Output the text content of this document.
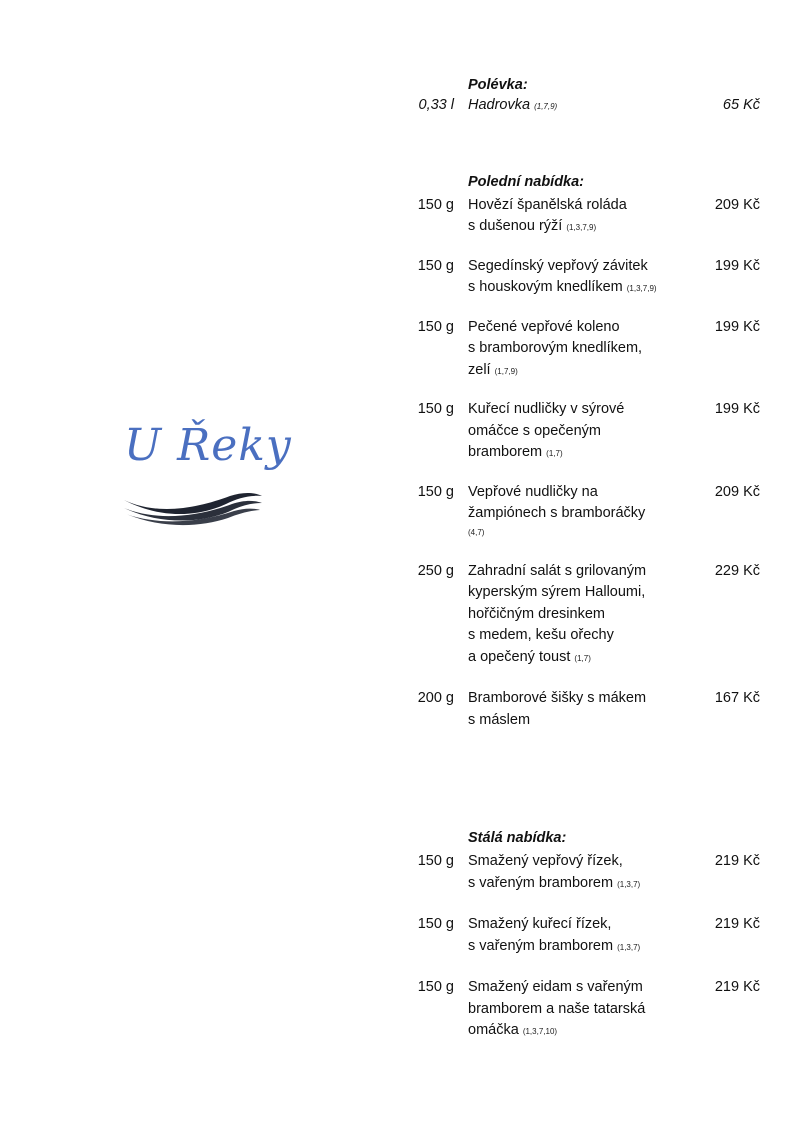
U Řeky
Polévka:
0,33 l Hadrovka (1,7,9)	65 Kč
Polední nabídka:
150 g Hovězí španělská roláda
s dušenou rýží (1,3,7,9)
209 Kč
150 g Segedínský vepřový závitek
s houskovým knedlíkem (1,3,7,9)
199 Kč
150 g Pečené vepřové koleno
s bramborovým knedlíkem,
zelí (1,7,9)
199 Kč
150 g Kuřecí nudličky v sýrové
omáčce s opečeným
bramborem (1,7)
199 Kč
150 g Vepřové nudličky na
žampiónech s bramboráčky
(4,7)
209 Kč
250 g Zahradní salát s grilovaným
kyperským sýrem Halloumi,
hořčičným dresinkem
s medem, kešu ořechy
a opečený toust (1,7)
229 Kč
200 g Bramborové šišky s mákem
s máslem
167 Kč
Stálá nabídka:
150 g Smažený vepřový řízek,
s vařeným bramborem (1,3,7)
219 Kč
150 g Smažený kuřecí řízek,
s vařeným bramborem (1,3,7)
219 Kč
150 g Smažený eidam s vařeným
bramborem a naše tatarská
omáčka (1,3,7,10)
219 Kč
